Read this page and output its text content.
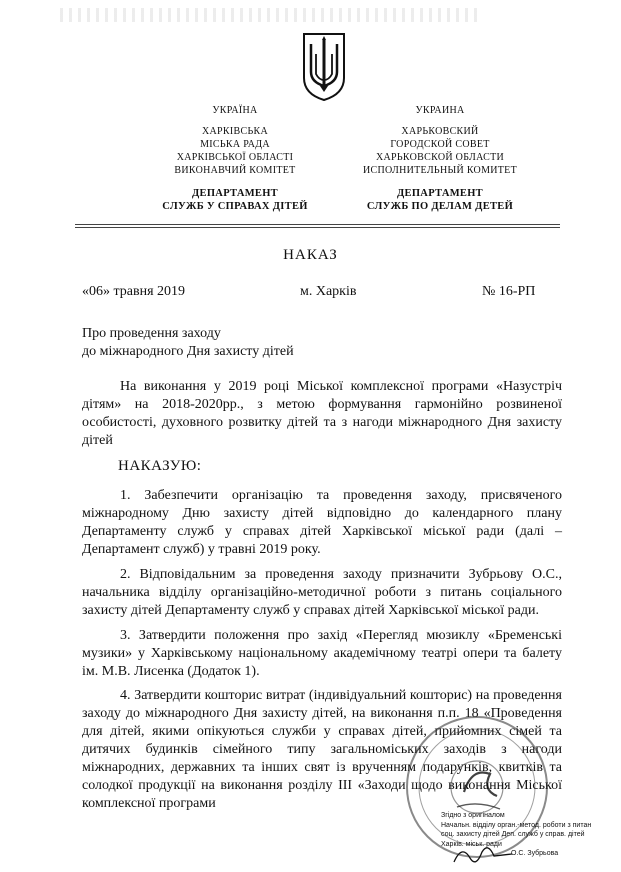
УКРАЇНА
ХАРКІВСЬКА
МІСЬКА РАДА
ХАРКІВСЬКОЇ ОБЛАСТІ
ВИКОНАВЧИЙ КОМІТЕТ
ДЕПАРТАМЕНТ
СЛУЖБ У СПРАВАХ ДІТЕЙ
УКРАИНА
ХАРЬКОВСКИЙ
ГОРОДСКОЙ СОВЕТ
ХАРЬКОВСКОЙ ОБЛАСТИ
ИСПОЛНИТЕЛЬНЫЙ КОМИТЕТ
ДЕПАРТАМЕНТ
СЛУЖБ ПО ДЕЛАМ ДЕТЕЙ
НАКАЗ
«06» травня 2019	м. Харків	№ 16-РП
Про проведення заходу
до міжнародного Дня захисту дітей
На виконання у 2019 році Міської комплексної програми «Назустріч дітям» на 2018-2020рр., з метою формування гармонійно розвиненої особистості, духовного розвитку дітей та з нагоди міжнародного Дня захисту дітей
НАКАЗУЮ:
1. Забезпечити організацію та проведення заходу, присвяченого міжнародному Дню захисту дітей відповідно до календарного плану Департаменту служб у справах дітей Харківської міської ради (далі – Департамент служб) у травні 2019 року.
2. Відповідальним за проведення заходу призначити Зубрьову О.С., начальника відділу організаційно-методичної роботи з питань соціального захисту дітей Департаменту служб у справах дітей Харківської міської ради.
3. Затвердити положення про захід «Перегляд мюзиклу «Бременські музики» у Харківському національному академічному театрі опери та балету ім. М.В. Лисенка (Додаток 1).
4. Затвердити кошторис витрат (індивідуальний кошторис) на проведення заходу до міжнародного Дня захисту дітей, на виконання п.п. 18 «Проведення для дітей, якими опікуються служби у справах дітей, прийомних сімей та дитячих будинків сімейного типу загальноміських заходів з нагоди міжнародних, державних та інших свят із врученням подарунків, квитків та солодкої продукції на виконання розділу III «Заходи щодо виконання Міської комплексної програми
Згідно з оригіналом
Начальн. відділу орган.-метод. роботи з питан
соц. захисту дітей Деп. служб у справ. дітей
Харків. міськ. ради
О.С. Зубрьова
